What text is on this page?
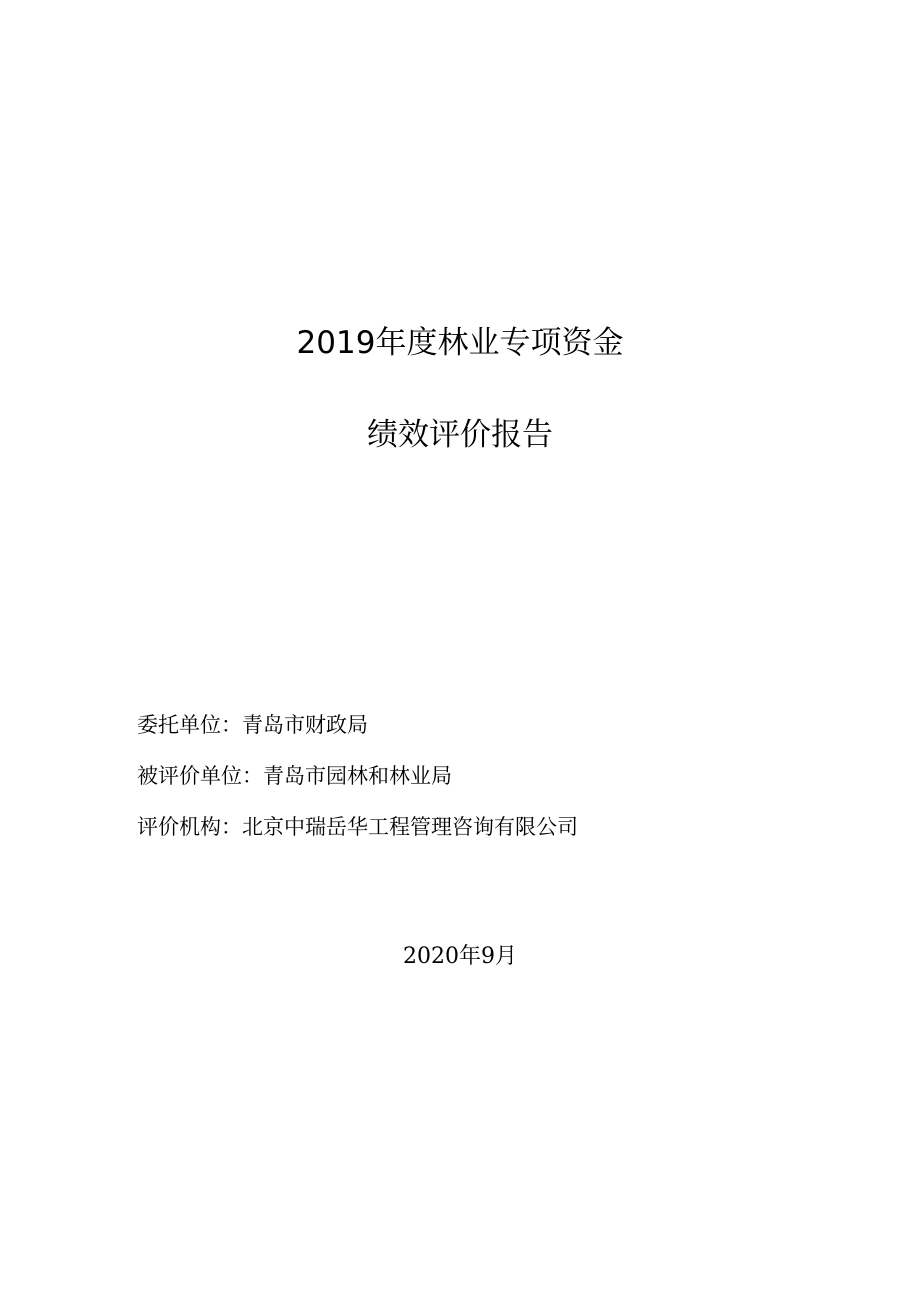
2019年度林业专项资金
绩效评价报告
委托单位：青岛市财政局
被评价单位：青岛市园林和林业局
评价机构：北京中瑞岳华工程管理咨询有限公司
2020年9月
